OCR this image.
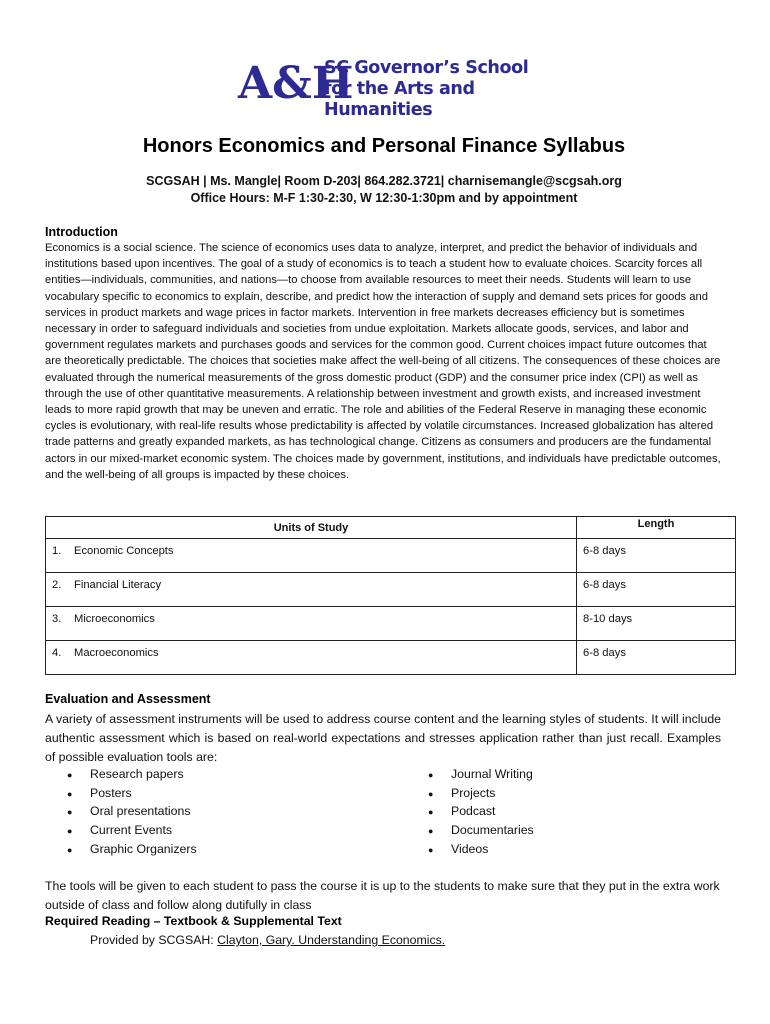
A&H
SC Governor’s School
for the Arts and Humanities
Honors Economics and Personal Finance Syllabus
SCGSAH | Ms. Mangle| Room D-203| 864.282.3721| charnisemangle@scgsah.org
Office Hours: M-F 1:30-2:30, W 12:30-1:30pm and by appointment
Introduction
Economics is a social science. The science of economics uses data to analyze, interpret, and predict the behavior of individuals and institutions based upon incentives. The goal of a study of economics is to teach a student how to evaluate choices. Scarcity forces all entities—individuals, communities, and nations—to choose from available resources to meet their needs. Students will learn to use vocabulary specific to economics to explain, describe, and predict how the interaction of supply and demand sets prices for goods and services in product markets and wage prices in factor markets. Intervention in free markets decreases efficiency but is sometimes necessary in order to safeguard individuals and societies from undue exploitation. Markets allocate goods, services, and labor and government regulates markets and purchases goods and services for the common good. Current choices impact future outcomes that are theoretically predictable. The choices that societies make affect the well-being of all citizens. The consequences of these choices are evaluated through the numerical measurements of the gross domestic product (GDP) and the consumer price index (CPI) as well as through the use of other quantitative measurements. A relationship between investment and growth exists, and increased investment leads to more rapid growth that may be uneven and erratic. The role and abilities of the Federal Reserve in managing these economic cycles is evolutionary, with real-life results whose predictability is affected by volatile circumstances. Increased globalization has altered trade patterns and greatly expanded markets, as has technological change. Citizens as consumers and producers are the fundamental actors in our mixed-market economic system. The choices made by government, institutions, and individuals have predictable outcomes, and the well-being of all groups is impacted by these choices.
Units of Study	Length
1. Economic Concepts	6-8 days
2. Financial Literacy	6-8 days
3. Microeconomics	8-10 days
4. Macroeconomics	6-8 days
Evaluation and Assessment
A variety of assessment instruments will be used to address course content and the learning styles of students. It will include authentic assessment which is based on real-world expectations and stresses application rather than just recall. Examples of possible evaluation tools are:
● Research papers
● Posters
● Oral presentations
● Current Events
● Graphic Organizers
● Journal Writing
● Projects
● Podcast
● Documentaries
● Videos
The tools will be given to each student to pass the course it is up to the students to make sure that they put in the extra work outside of class and follow along dutifully in class
Required Reading – Textbook & Supplemental Text
Provided by SCGSAH: Clayton, Gary. Understanding Economics.
